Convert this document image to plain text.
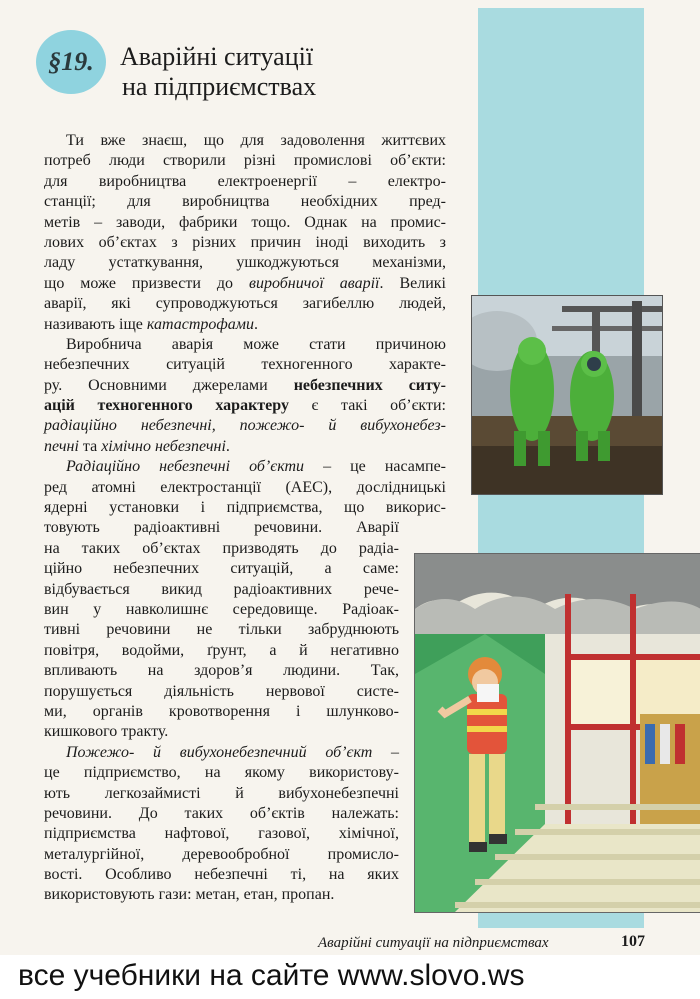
§19. Аварійні ситуації
на підприємствах
Ти вже знаєш, що для задоволення життєвих
потреб люди створили різні промислові об’єкти:
для виробництва електроенергії – електро-
станції; для виробництва необхідних пред-
метів – заводи, фабрики тощо. Однак на промис-
лових об’єктах з різних причин іноді виходить з
ладу устаткування, ушкоджуються механізми,
що може призвести до виробничої аварії. Великі
аварії, які супроводжуються загибеллю людей,
називають іще катастрофами.
Виробнича аварія може стати причиною
небезпечних ситуацій техногенного характе-
ру. Основними джерелами небезпечних ситу-
ацій техногенного характеру є такі об’єкти:
радіаційно небезпечні, пожежо- й вибухонебез-
печні та хімічно небезпечні.
Радіаційно небезпечні об’єкти – це насампе-
ред атомні електростанції (АЕС), дослідницькі
ядерні установки і підприємства, що викорис-
товують радіоактивні речовини. Аварії
на таких об’єктах призводять до радіа-
ційно небезпечних ситуацій, а саме:
відбувається викид радіоактивних рече-
вин у навколишнє середовище. Радіоак-
тивні речовини не тільки забруднюють
повітря, водойми, ґрунт, а й негативно
впливають на здоров’я людини. Так,
порушується діяльність нервової систе-
ми, органів кровотворення і шлунково-
кишкового тракту.
Пожежо- й вибухонебезпечний об’єкт –
це підприємство, на якому використову-
ють легкозаймисті й вибухонебезпечні
речовини. До таких об’єктів належать:
підприємства нафтової, газової, хімічної,
металургійної, деревообробної промисло-
вості. Особливо небезпечні ті, на яких
використовують гази: метан, етан, пропан.
Аварійні ситуації на підприємствах	107
все учебники на сайте www.slovo.ws
